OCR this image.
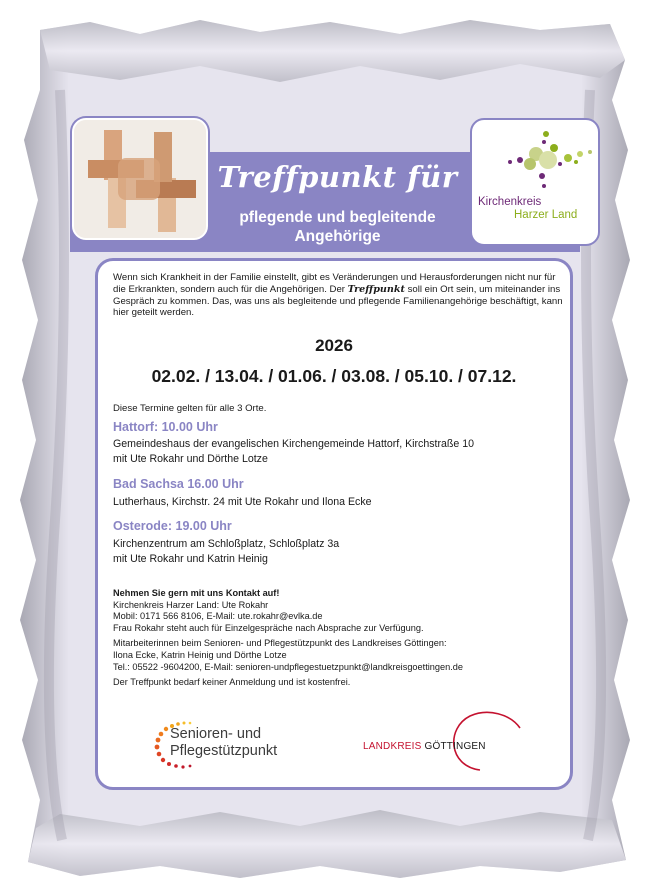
Kirchenkreis

Harzer Land

Treffpunkt für

pflegende und begleitende
Angehörige

Wenn sich Krankheit in der Familie einstellt, gibt es Veränderungen und Herausforderungen nicht nur für die Erkrankten, sondern auch für die Angehörigen. Der Treffpunkt soll ein Ort sein, um miteinander ins Gespräch zu kommen. Das, was uns als begleitende und pflegende Familienangehörige beschäftigt, kann hier geteilt werden.

2026

02.02. / 13.04. / 01.06. / 03.08. / 05.10. / 07.12.

Diese Termine gelten für alle 3 Orte.

Hattorf: 10.00 Uhr

Gemeindeshaus der evangelischen Kirchengemeinde Hattorf, Kirchstraße 10
mit Ute Rokahr und Dörthe Lotze

Bad Sachsa 16.00 Uhr

Lutherhaus, Kirchstr. 24 mit Ute Rokahr und Ilona Ecke

Osterode: 19.00 Uhr

Kirchenzentrum am Schloßplatz, Schloßplatz 3a
mit Ute Rokahr und Katrin Heinig

Nehmen Sie gern mit uns Kontakt auf!
Kirchenkreis Harzer Land: Ute Rokahr
Mobil: 0171 566 8106, E-Mail: ute.rokahr@evlka.de
Frau Rokahr steht auch für Einzelgespräche nach Absprache zur Verfügung.
Mitarbeiterinnen beim Senioren- und Pflegestützpunkt des Landkreises Göttingen:
Ilona Ecke, Katrin Heinig und Dörthe Lotze
Tel.: 05522 -9604200, E-Mail: senioren-undpflegestuetzpunkt@landkreisgoettingen.de
Der Treffpunkt bedarf keiner Anmeldung und ist kostenfrei.

Senioren- und
Pflegestützpunkt	LANDKREIS GÖTTINGEN
